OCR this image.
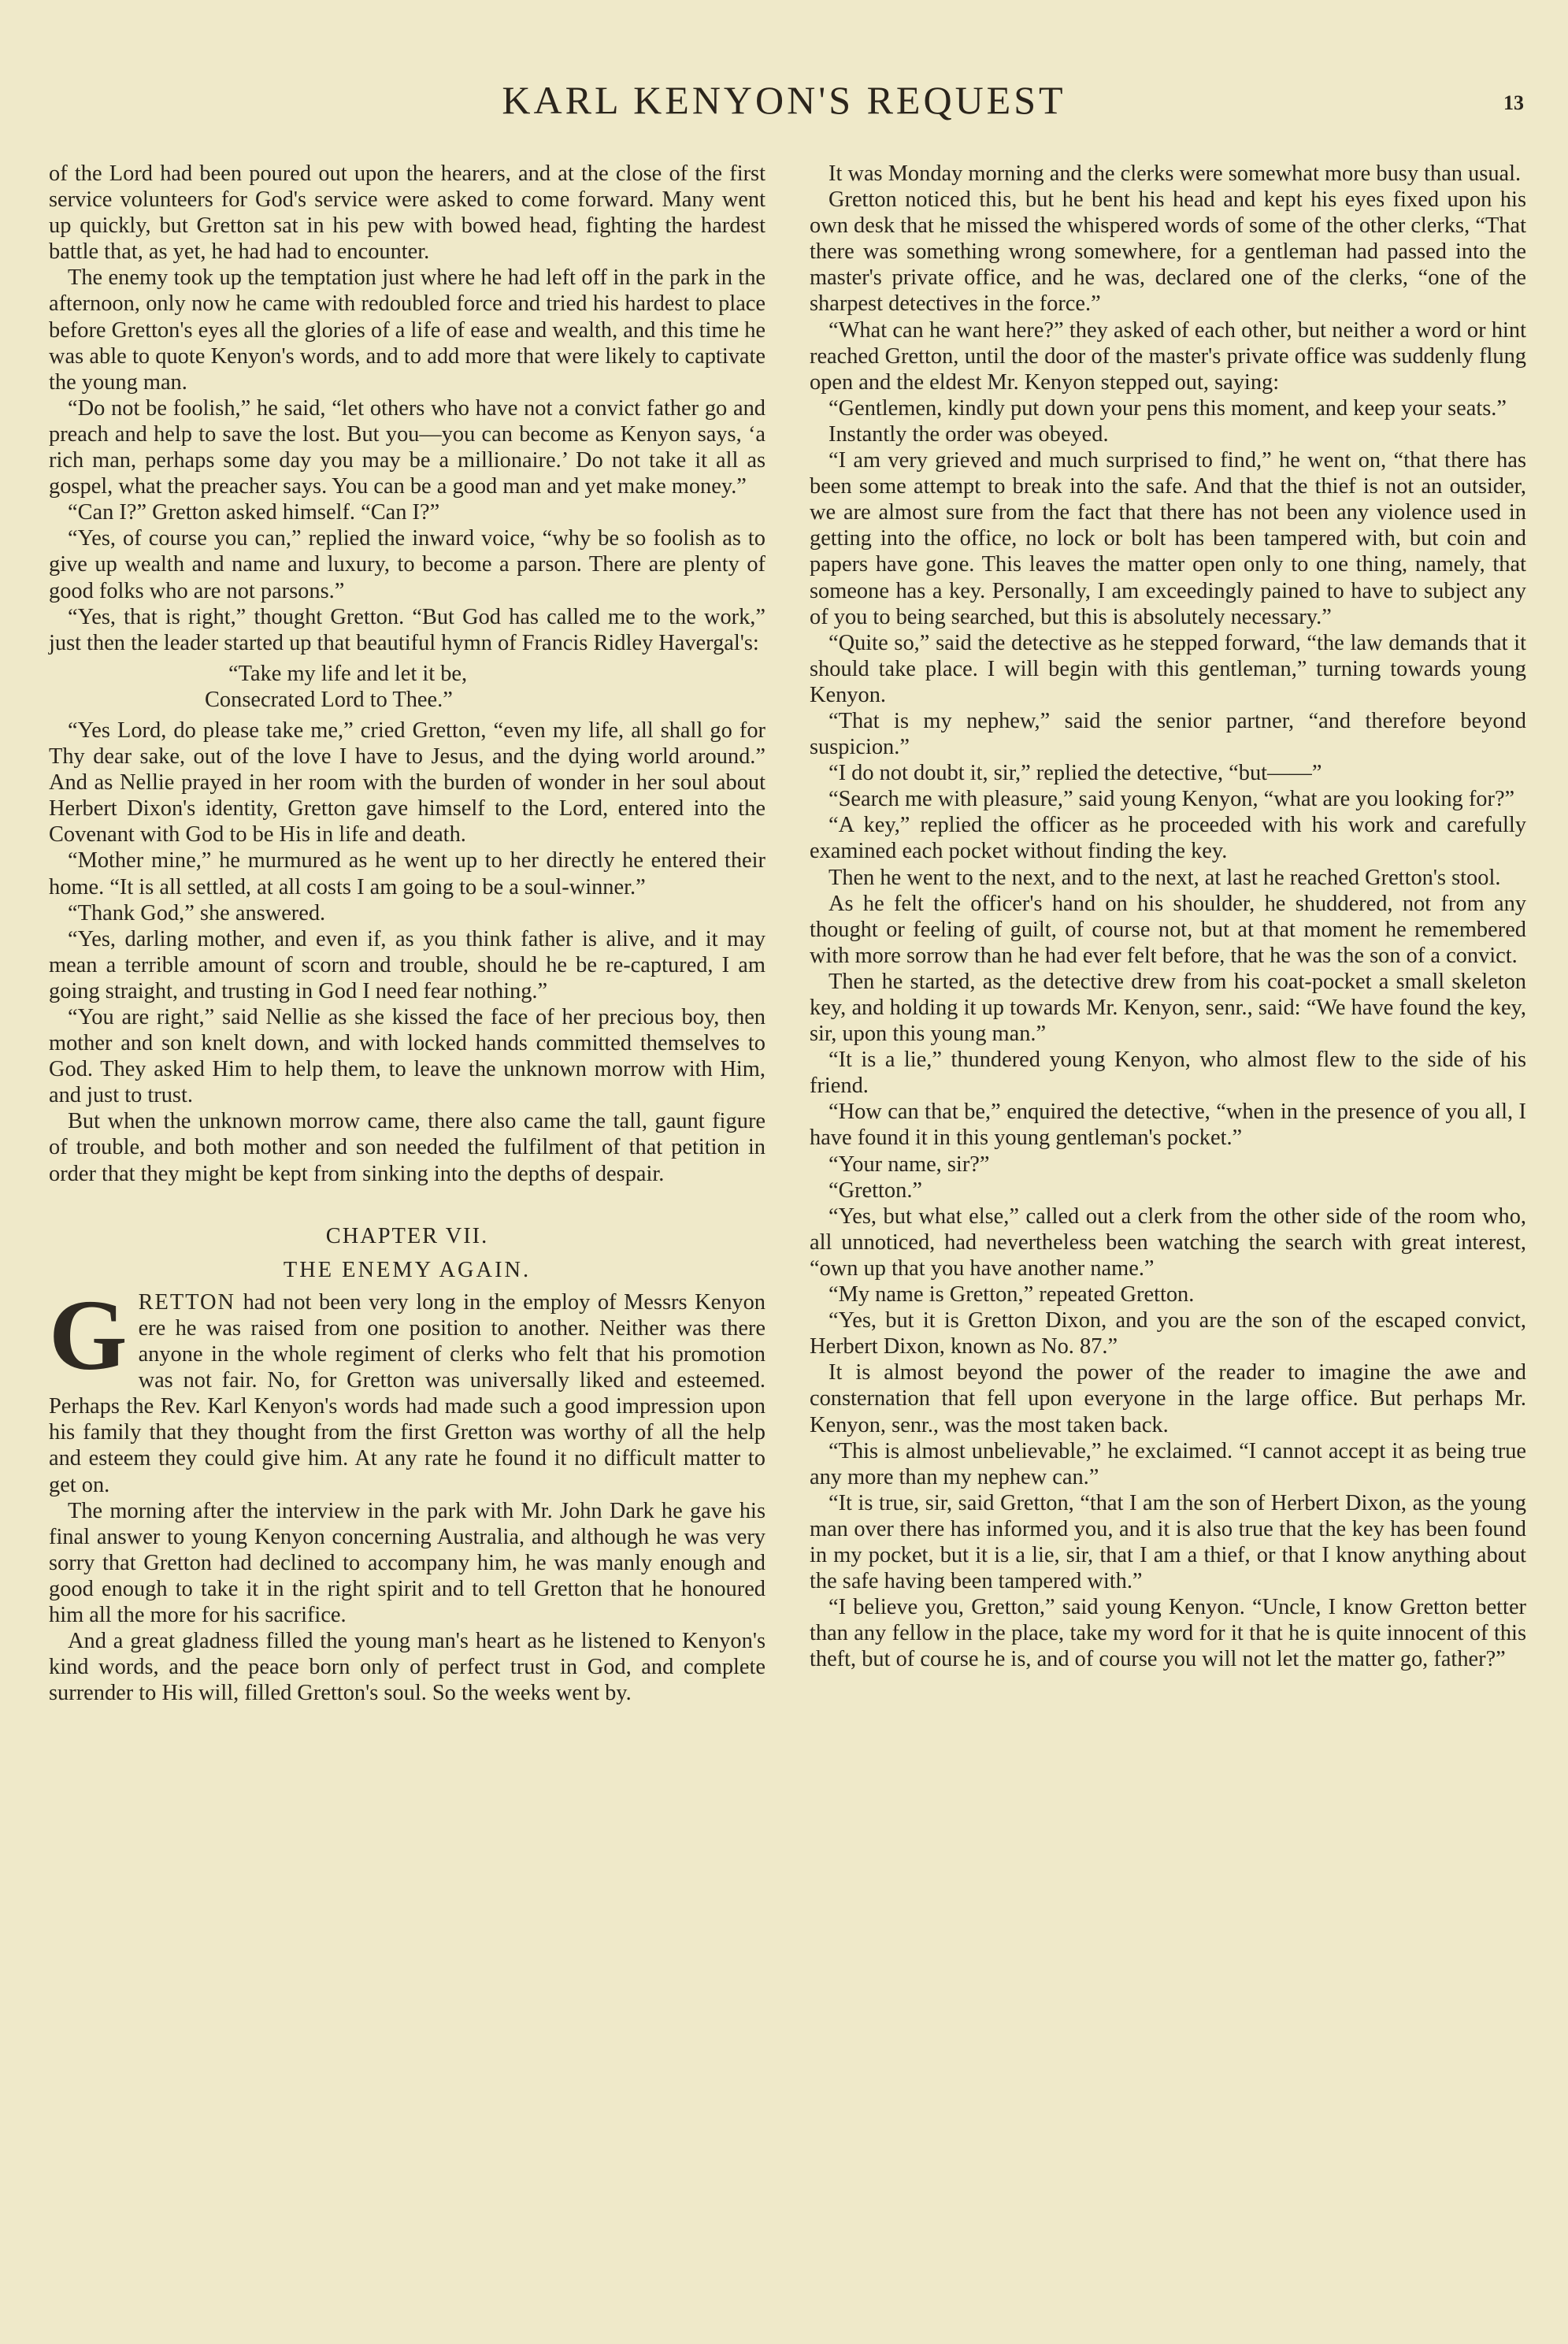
KARL KENYON'S REQUEST	13

of the Lord had been poured out upon the hearers, and at the close of the first service volunteers for God's service were asked to come forward. Many went up quickly, but Gretton sat in his pew with bowed head, fighting the hardest battle that, as yet, he had had to encounter.

The enemy took up the temptation just where he had left off in the park in the afternoon, only now he came with redoubled force and tried his hardest to place before Gretton's eyes all the glories of a life of ease and wealth, and this time he was able to quote Kenyon's words, and to add more that were likely to captivate the young man.

“Do not be foolish,” he said, “let others who have not a convict father go and preach and help to save the lost. But you—you can become as Kenyon says, ‘a rich man, perhaps some day you may be a millionaire.’ Do not take it all as gospel, what the preacher says. You can be a good man and yet make money.”

“Can I?” Gretton asked himself. “Can I?”

“Yes, of course you can,” replied the inward voice, “why be so foolish as to give up wealth and name and luxury, to become a parson. There are plenty of good folks who are not parsons.”

“Yes, that is right,” thought Gretton. “But God has called me to the work,” just then the leader started up that beautiful hymn of Francis Ridley Havergal's:

“Take my life and let it be,
Consecrated Lord to Thee.”

“Yes Lord, do please take me,” cried Gretton, “even my life, all shall go for Thy dear sake, out of the love I have to Jesus, and the dying world around.” And as Nellie prayed in her room with the burden of wonder in her soul about Herbert Dixon's identity, Gretton gave himself to the Lord, entered into the Covenant with God to be His in life and death.

“Mother mine,” he murmured as he went up to her directly he entered their home. “It is all settled, at all costs I am going to be a soul-winner.”

“Thank God,” she answered.

“Yes, darling mother, and even if, as you think father is alive, and it may mean a terrible amount of scorn and trouble, should he be re-captured, I am going straight, and trusting in God I need fear nothing.”

“You are right,” said Nellie as she kissed the face of her precious boy, then mother and son knelt down, and with locked hands committed themselves to God. They asked Him to help them, to leave the unknown morrow with Him, and just to trust.

But when the unknown morrow came, there also came the tall, gaunt figure of trouble, and both mother and son needed the fulfilment of that petition in order that they might be kept from sinking into the depths of despair.

CHAPTER VII.
THE ENEMY AGAIN.

GRETTON had not been very long in the employ of Messrs Kenyon ere he was raised from one position to another. Neither was there anyone in the whole regiment of clerks who felt that his promotion was not fair. No, for Gretton was universally liked and esteemed. Perhaps the Rev. Karl Kenyon's words had made such a good impression upon his family that they thought from the first Gretton was worthy of all the help and esteem they could give him. At any rate he found it no difficult matter to get on.

The morning after the interview in the park with Mr. John Dark he gave his final answer to young Kenyon concerning Australia, and although he was very sorry that Gretton had declined to accompany him, he was manly enough and good enough to take it in the right spirit and to tell Gretton that he honoured him all the more for his sacrifice.

And a great gladness filled the young man's heart as he listened to Kenyon's kind words, and the peace born only of perfect trust in God, and complete surrender to His will, filled Gretton's soul. So the weeks went by.

It was Monday morning and the clerks were somewhat more busy than usual.

Gretton noticed this, but he bent his head and kept his eyes fixed upon his own desk that he missed the whispered words of some of the other clerks, “That there was something wrong somewhere, for a gentleman had passed into the master's private office, and he was, declared one of the clerks, “one of the sharpest detectives in the force.”

“What can he want here?” they asked of each other, but neither a word or hint reached Gretton, until the door of the master's private office was suddenly flung open and the eldest Mr. Kenyon stepped out, saying:

“Gentlemen, kindly put down your pens this moment, and keep your seats.”

Instantly the order was obeyed.

“I am very grieved and much surprised to find,” he went on, “that there has been some attempt to break into the safe. And that the thief is not an outsider, we are almost sure from the fact that there has not been any violence used in getting into the office, no lock or bolt has been tampered with, but coin and papers have gone. This leaves the matter open only to one thing, namely, that someone has a key. Personally, I am exceedingly pained to have to subject any of you to being searched, but this is absolutely necessary.”

“Quite so,” said the detective as he stepped forward, “the law demands that it should take place. I will begin with this gentleman,” turning towards young Kenyon.

“That is my nephew,” said the senior partner, “and therefore beyond suspicion.”

“I do not doubt it, sir,” replied the detective, “but——”

“Search me with pleasure,” said young Kenyon, “what are you looking for?”

“A key,” replied the officer as he proceeded with his work and carefully examined each pocket without finding the key.

Then he went to the next, and to the next, at last he reached Gretton's stool.

As he felt the officer's hand on his shoulder, he shuddered, not from any thought or feeling of guilt, of course not, but at that moment he remembered with more sorrow than he had ever felt before, that he was the son of a convict.

Then he started, as the detective drew from his coat-pocket a small skeleton key, and holding it up towards Mr. Kenyon, senr., said: “We have found the key, sir, upon this young man.”

“It is a lie,” thundered young Kenyon, who almost flew to the side of his friend.

“How can that be,” enquired the detective, “when in the presence of you all, I have found it in this young gentleman's pocket.”

“Your name, sir?”

“Gretton.”

“Yes, but what else,” called out a clerk from the other side of the room who, all unnoticed, had nevertheless been watching the search with great interest, “own up that you have another name.”

“My name is Gretton,” repeated Gretton.

“Yes, but it is Gretton Dixon, and you are the son of the escaped convict, Herbert Dixon, known as No. 87.”

It is almost beyond the power of the reader to imagine the awe and consternation that fell upon everyone in the large office. But perhaps Mr. Kenyon, senr., was the most taken back.

“This is almost unbelievable,” he exclaimed. “I cannot accept it as being true any more than my nephew can.”

“It is true, sir, said Gretton, “that I am the son of Herbert Dixon, as the young man over there has informed you, and it is also true that the key has been found in my pocket, but it is a lie, sir, that I am a thief, or that I know anything about the safe having been tampered with.”

“I believe you, Gretton,” said young Kenyon. “Uncle, I know Gretton better than any fellow in the place, take my word for it that he is quite innocent of this theft, but of course he is, and of course you will not let the matter go, father?”
